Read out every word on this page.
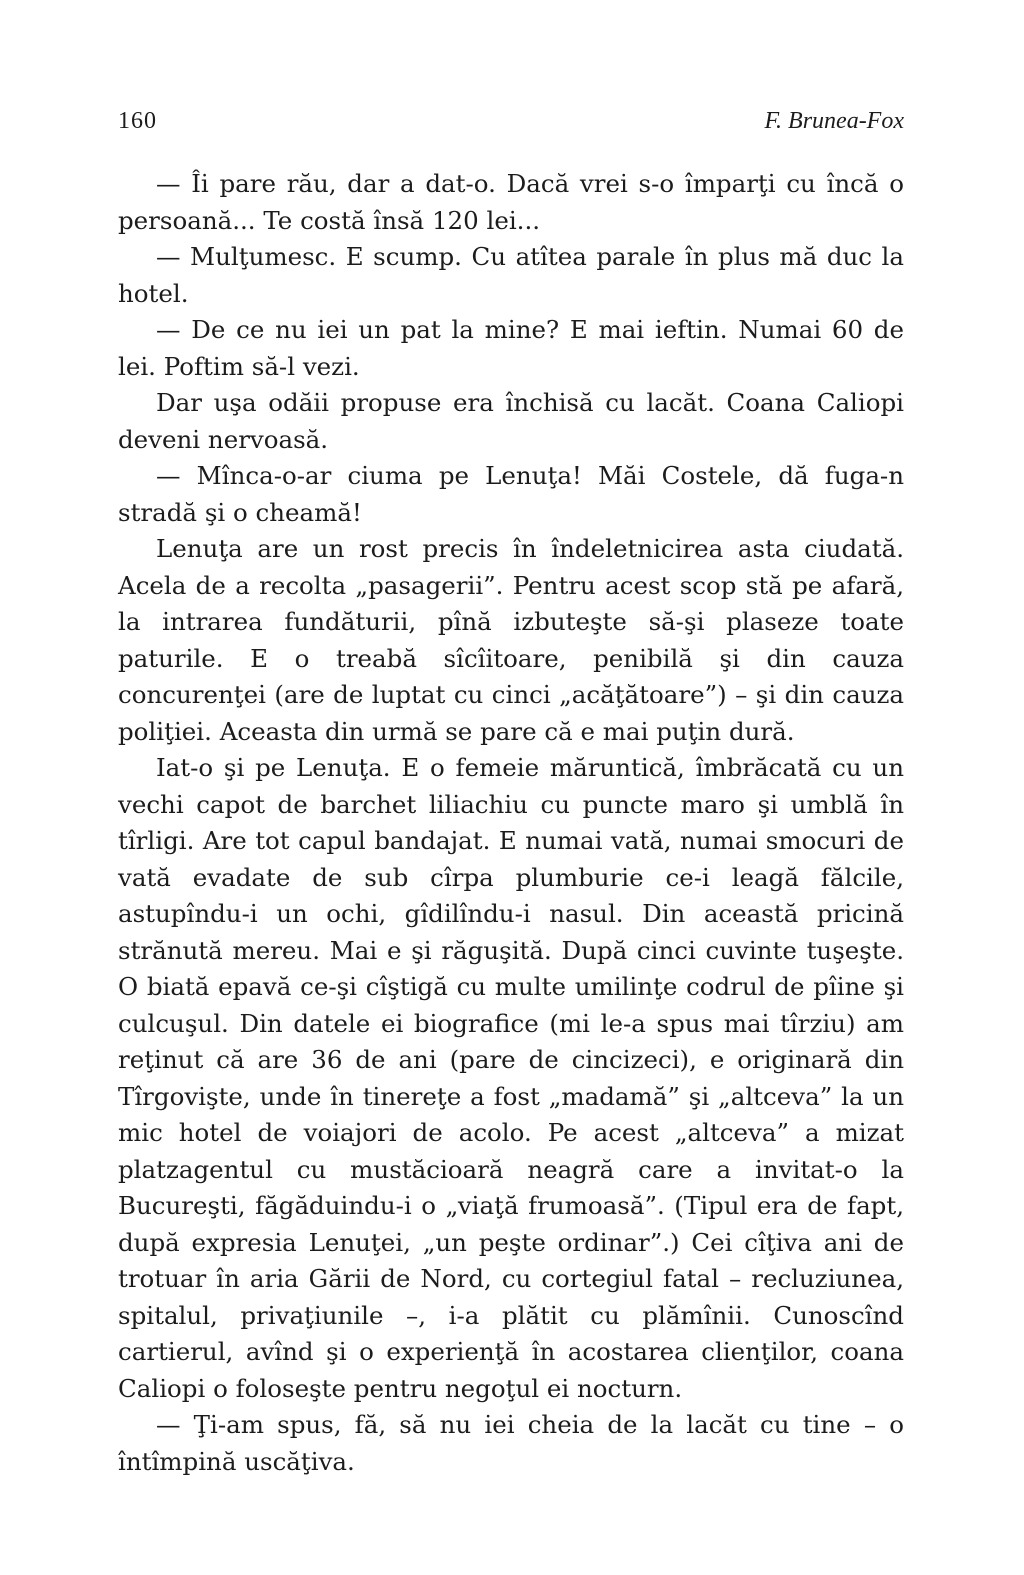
160	F. Brunea-Fox

— Îi pare rău, dar a dat-o. Dacă vrei s-o împarţi cu încă o persoană... Te costă însă 120 lei...

— Mulţumesc. E scump. Cu atîtea parale în plus mă duc la hotel.

— De ce nu iei un pat la mine? E mai ieftin. Numai 60 de lei. Poftim să-l vezi.

Dar uşa odăii propuse era închisă cu lacăt. Coana Caliopi deveni nervoasă.

— Mînca-o-ar ciuma pe Lenuţa! Măi Costele, dă fuga-n stradă şi o cheamă!

Lenuţa are un rost precis în îndeletnicirea asta ciudată. Acela de a recolta „pasagerii”. Pentru acest scop stă pe afară, la intrarea fundăturii, pînă izbuteşte să-şi plaseze toate paturile. E o treabă sîcîitoare, penibilă şi din cauza concurenţei (are de luptat cu cinci „acăţătoare”) – şi din cauza poliţiei. Aceasta din urmă se pare că e mai puţin dură.

Iat-o şi pe Lenuţa. E o femeie măruntică, îmbrăcată cu un vechi capot de barchet liliachiu cu puncte maro şi umblă în tîrligi. Are tot capul bandajat. E numai vată, numai smocuri de vată evadate de sub cîrpa plumburie ce-i leagă fălcile, astupîndu-i un ochi, gîdilîndu-i nasul. Din această pricină strănută mereu. Mai e şi răguşită. După cinci cuvinte tuşeşte. O biată epavă ce-şi cîştigă cu multe umilinţe codrul de pîine şi culcuşul. Din datele ei biografice (mi le-a spus mai tîrziu) am reţinut că are 36 de ani (pare de cincizeci), e originară din Tîrgovişte, unde în tinereţe a fost „madamă” şi „altceva” la un mic hotel de voiajori de acolo. Pe acest „altceva” a mizat platzagentul cu mustăcioară neagră care a invitat-o la Bucureşti, făgăduindu-i o „viaţă frumoasă”. (Tipul era de fapt, după expresia Lenuţei, „un peşte ordinar”.) Cei cîţiva ani de trotuar în aria Gării de Nord, cu cortegiul fatal – recluziunea, spitalul, privaţiunile –, i-a plătit cu plămînii. Cunoscînd cartierul, avînd şi o experienţă în acostarea clienţilor, coana Caliopi o foloseşte pentru negoţul ei nocturn.

— Ţi-am spus, fă, să nu iei cheia de la lacăt cu tine – o întîmpină uscăţiva.
